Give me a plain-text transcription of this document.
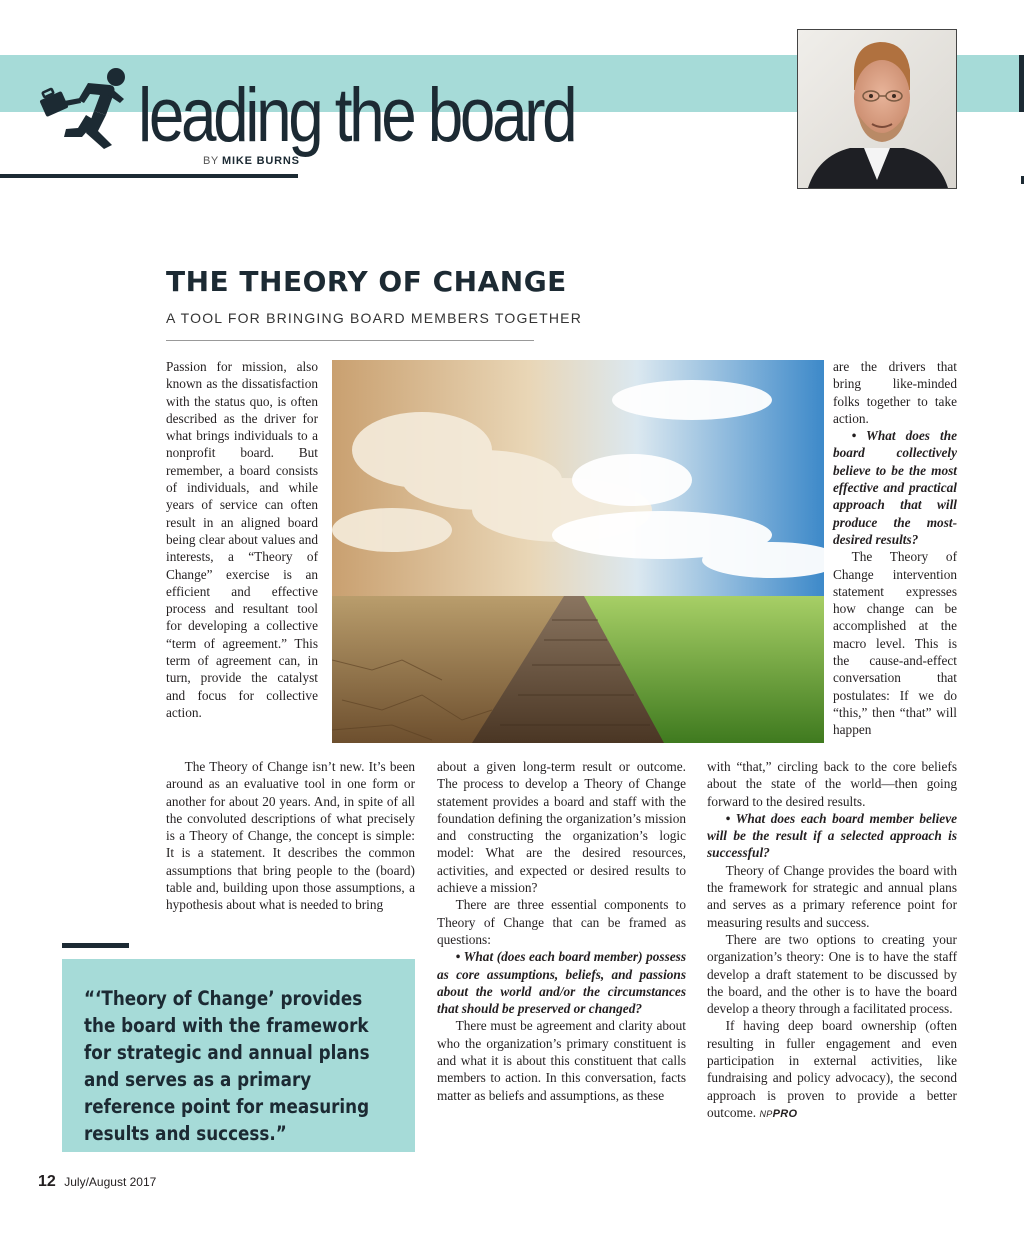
leading the board
BY MIKE BURNS
THE THEORY OF CHANGE
A TOOL FOR BRINGING BOARD MEMBERS TOGETHER

Passion for mission, also known as the dissatisfaction with the status quo, is often described as the driver for what brings individuals to a nonprofit board. But remember, a board consists of individuals, and while years of service can often result in an aligned board being clear about values and interests, a “Theory of Change” exercise is an efficient and effective process and resultant tool for developing a collective “term of agreement.” This term of agreement can, in turn, provide the catalyst and focus for collective action.

The Theory of Change isn’t new. It’s been around as an evaluative tool in one form or another for about 20 years. And, in spite of all the convoluted descriptions of what precisely is a Theory of Change, the concept is simple: It is a statement. It describes the common assumptions that bring people to the (board) table and, building upon those assumptions, a hypothesis about what is needed to bring

about a given long-term result or outcome. The process to develop a Theory of Change statement provides a board and staff with the foundation defining the organization’s mission and constructing the organization’s logic model: What are the desired resources, activities, and expected or desired results to achieve a mission?

There are three essential components to Theory of Change that can be framed as questions:

• What (does each board member) possess as core assumptions, beliefs, and passions about the world and/or the circumstances that should be preserved or changed?

There must be agreement and clarity about who the organization’s primary constituent is and what it is about this constituent that calls members to action. In this conversation, facts matter as beliefs and assumptions, as these

are the drivers that bring like-minded folks together to take action.

• What does the board collectively believe to be the most effective and practical approach that will produce the most-desired results?

The Theory of Change intervention statement expresses how change can be accomplished at the macro level. This is the cause-and-effect conversation that postulates: If we do “this,” then “that” will happen

with “that,” circling back to the core beliefs about the state of the world—then going forward to the desired results.

• What does each board member believe will be the result if a selected approach is successful?

Theory of Change provides the board with the framework for strategic and annual plans and serves as a primary reference point for measuring results and success.

There are two options to creating your organization’s theory: One is to have the staff develop a draft statement to be discussed by the board, and the other is to have the board develop a theory through a facilitated process.

If having deep board ownership (often resulting in fuller engagement and even participation in external activities, like fundraising and policy advocacy), the second approach is proven to provide a better outcome. NPPRO

“‘Theory of Change’ provides the board with the framework for strategic and annual plans and serves as a primary reference point for measuring results and success.”
12 July/August 2017
